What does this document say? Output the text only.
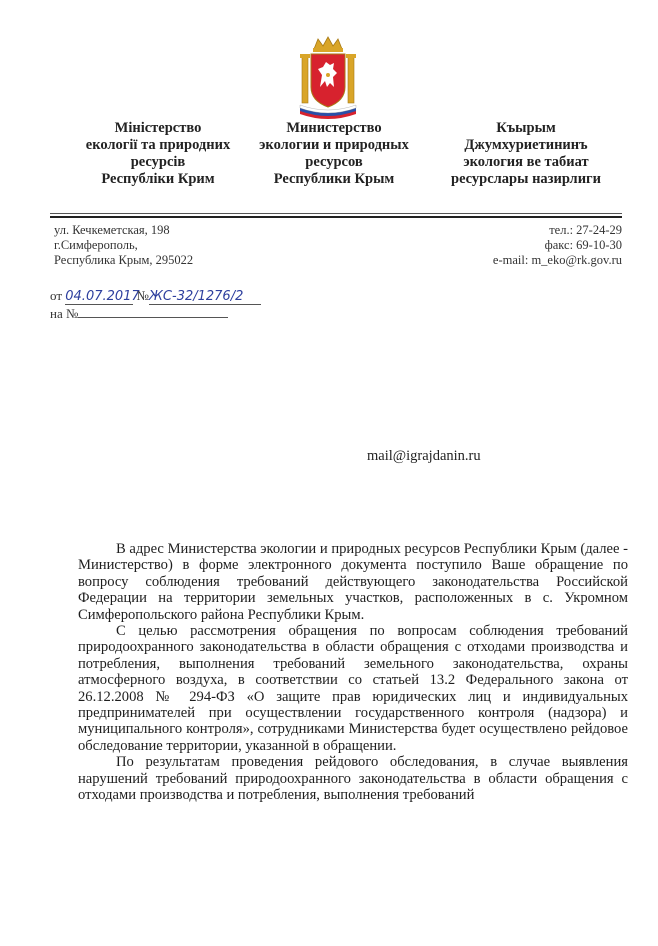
Міністерство
екології та природних
ресурсів
Республіки Крим
Министерство
экологии и природных
ресурсов
Республики Крым
Къырым
Джумхуриетининъ
экология ве табиат
ресурслары назирлиги
ул. Кечкеметская, 198
г.Симферополь,
Республика Крым, 295022
тел.: 27-24-29
факс: 69-10-30
e-mail: m_eko@rk.gov.ru
от 04.07.2017 №ЖС-32/1276/2
на №
mail@igrajdanin.ru

В адрес Министерства экологии и природных ресурсов Республики Крым (далее - Министерство) в форме электронного документа поступило Ваше обращение по вопросу соблюдения требований действующего законодательства Российской Федерации на территории земельных участков, расположенных в с. Укромном Симферопольского района Республики Крым.

С целью рассмотрения обращения по вопросам соблюдения требований природоохранного законодательства в области обращения с отходами производства и потребления, выполнения требований земельного законодательства, охраны атмосферного воздуха, в соответствии со статьей 13.2 Федерального закона от 26.12.2008 № 294-ФЗ «О защите прав юридических лиц и индивидуальных предпринимателей при осуществлении государственного контроля (надзора) и муниципального контроля», сотрудниками Министерства будет осуществлено рейдовое обследование территории, указанной в обращении.

По результатам проведения рейдового обследования, в случае выявления нарушений требований природоохранного законодательства в области обращения с отходами производства и потребления, выполнения требований
